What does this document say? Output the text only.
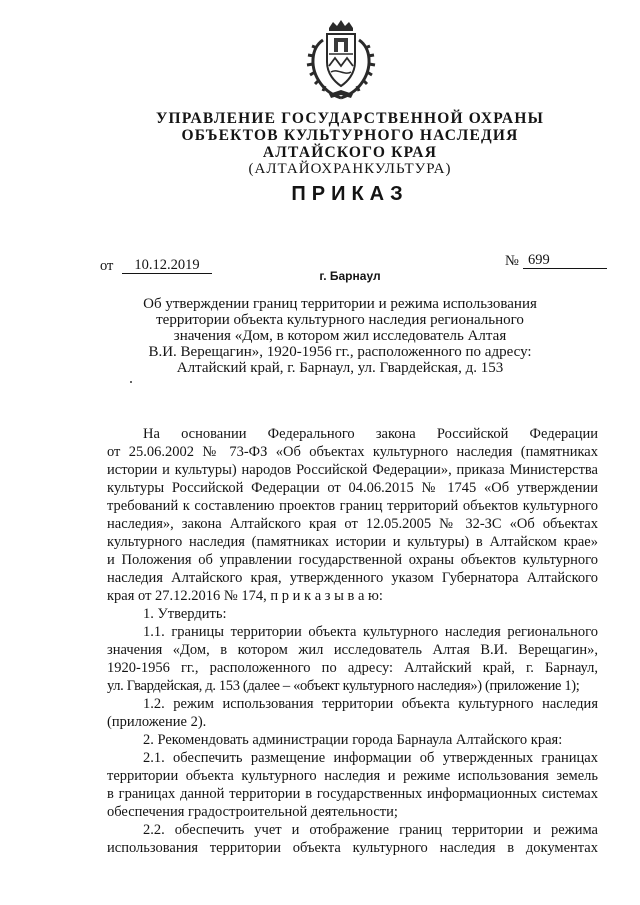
УПРАВЛЕНИЕ ГОСУДАРСТВЕННОЙ ОХРАНЫ
ОБЪЕКТОВ КУЛЬТУРНОГО НАСЛЕДИЯ
АЛТАЙСКОГО КРАЯ
(АЛТАЙОХРАНКУЛЬТУРА)
ПРИКАЗ
от	10.12.2019	№ 699
г. Барнаул
Об утверждении границ территории и режима использования
территории объекта культурного наследия регионального
значения «Дом, в котором жил исследователь Алтая
В.И. Верещагин», 1920-1956 гг., расположенного по адресу:
Алтайский край, г. Барнаул, ул. Гвардейская, д. 153
На основании Федерального закона Российской Федерации
от 25.06.2002 № 73-ФЗ «Об объектах культурного наследия (памятниках
истории и культуры) народов Российской Федерации», приказа Министерства
культуры Российской Федерации от 04.06.2015 № 1745 «Об утверждении
требований к составлению проектов границ территорий объектов культурного
наследия», закона Алтайского края от 12.05.2005 № 32-ЗС «Об объектах
культурного наследия (памятниках истории и культуры) в Алтайском крае»
и Положения об управлении государственной охраны объектов культурного
наследия Алтайского края, утвержденного указом Губернатора Алтайского
края от 27.12.2016 № 174, п р и к а з ы в а ю:
1. Утвердить:
1.1. границы территории объекта культурного наследия регионального
значения «Дом, в котором жил исследователь Алтая В.И. Верещагин»,
1920-1956 гг., расположенного по адресу: Алтайский край, г. Барнаул,
ул. Гвардейская, д. 153 (далее – «объект культурного наследия») (приложение 1);
1.2. режим использования территории объекта культурного наследия
(приложение 2).
2. Рекомендовать администрации города Барнаула Алтайского края:
2.1. обеспечить размещение информации об утвержденных границах
территории объекта культурного наследия и режиме использования земель
в границах данной территории в государственных информационных системах
обеспечения градостроительной деятельности;
2.2. обеспечить учет и отображение границ территории и режима
использования территории объекта культурного наследия в документах
